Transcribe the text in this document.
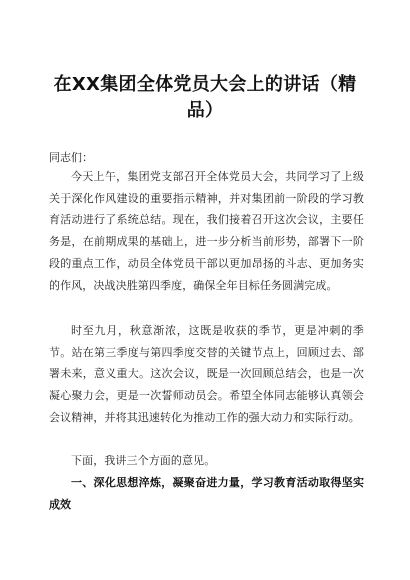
在XX集团全体党员大会上的讲话（精品）
同志们：
今天上午，集团党支部召开全体党员大会，共同学习了上级关于深化作风建设的重要指示精神，并对集团前一阶段的学习教育活动进行了系统总结。现在，我们接着召开这次会议，主要任务是，在前期成果的基础上，进一步分析当前形势，部署下一阶段的重点工作，动员全体党员干部以更加昂扬的斗志、更加务实的作风，决战决胜第四季度，确保全年目标任务圆满完成。
时至九月，秋意渐浓，这既是收获的季节，更是冲刺的季节。站在第三季度与第四季度交替的关键节点上，回顾过去、部署未来，意义重大。这次会议，既是一次回顾总结会，也是一次凝心聚力会，更是一次誓师动员会。希望全体同志能够认真领会会议精神，并将其迅速转化为推动工作的强大动力和实际行动。
下面，我讲三个方面的意见。
一、深化思想淬炼，凝聚奋进力量，学习教育活动取得坚实成效
